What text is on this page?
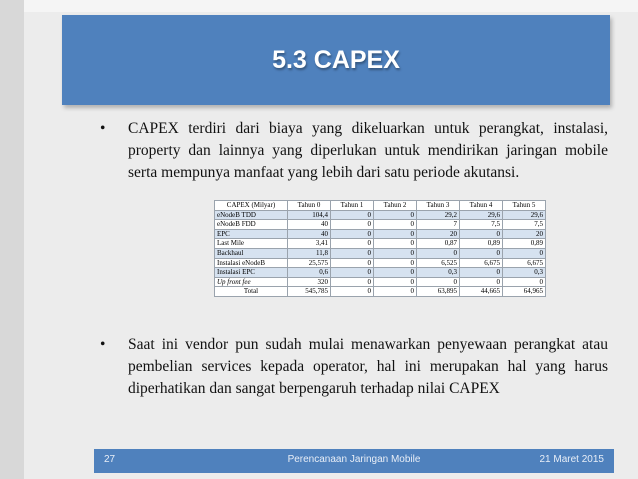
5.3 CAPEX
•	CAPEX terdiri dari biaya yang dikeluarkan untuk perangkat, instalasi, property dan lainnya yang diperlukan untuk mendirikan jaringan mobile serta mempunya manfaat yang lebih dari satu periode akutansi.
CAPEX (Milyar)	Tahun 0	Tahun 1	Tahun 2	Tahun 3	Tahun 4	Tahun 5
eNodeB TDD	104,4	0	0	29,2	29,6	29,6
eNodeB FDD	40	0	0	7	7,5	7,5
EPC	40	0	0	20	0	20
Last Mile	3,41	0	0	0,87	0,89	0,89
Backhaul	11,8	0	0	0	0	0
Instalasi eNodeB	25,575	0	0	6,525	6,675	6,675
Instalasi EPC	0,6	0	0	0,3	0	0,3
Up front fee	320	0	0	0	0	0
Total	545,785	0	0	63,895	44,665	64,965
•	Saat ini vendor pun sudah mulai menawarkan penyewaan perangkat atau pembelian services kepada operator, hal ini merupakan hal yang harus diperhatikan dan sangat berpengaruh terhadap nilai CAPEX
Perencanaan Jaringan Mobile
27	21 Maret 2015
